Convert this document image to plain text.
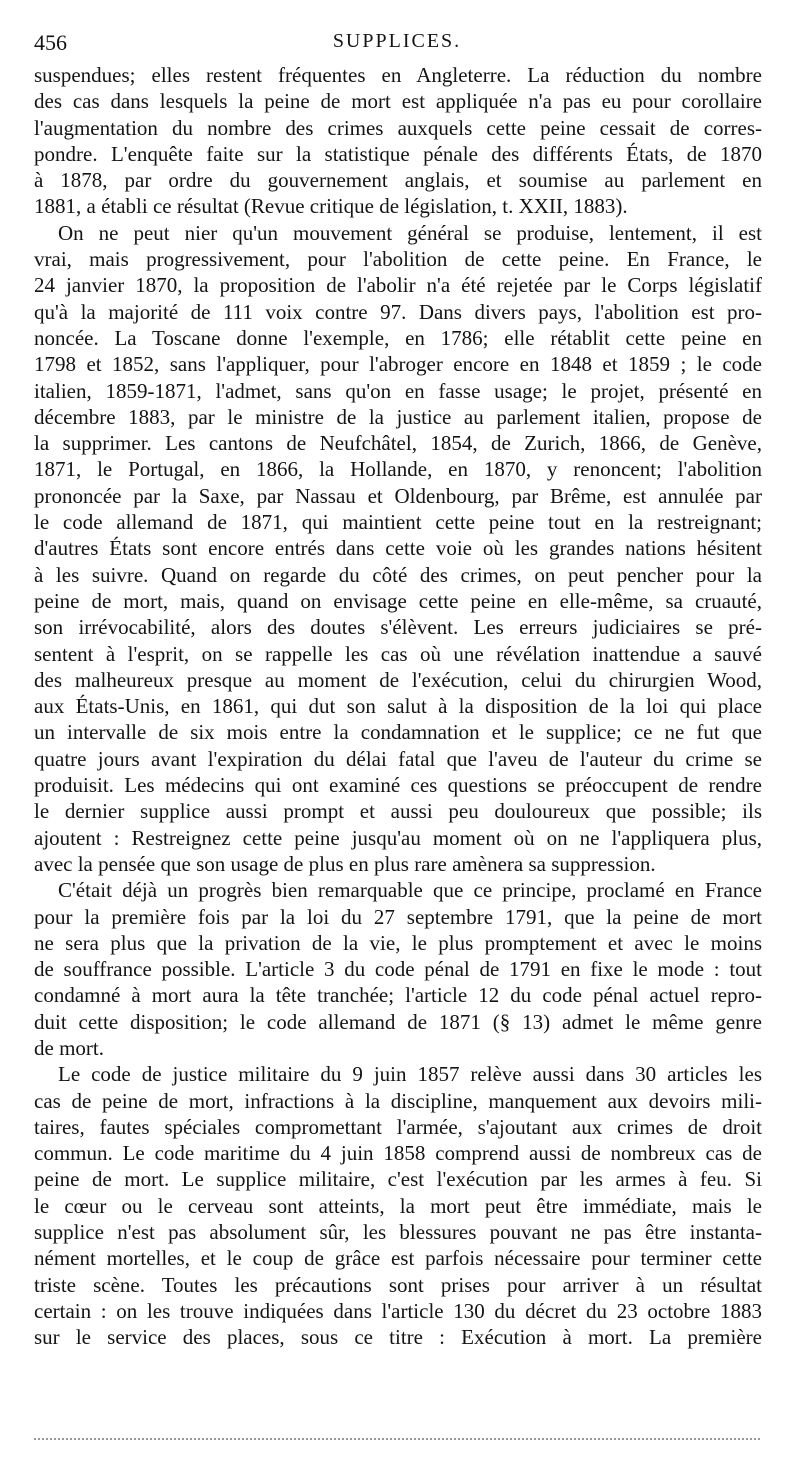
456	SUPPLICES.
suspendues; elles restent fréquentes en Angleterre. La réduction du nombre
des cas dans lesquels la peine de mort est appliquée n'a pas eu pour corollaire
l'augmentation du nombre des crimes auxquels cette peine cessait de corres-
pondre. L'enquête faite sur la statistique pénale des différents États, de 1870
à 1878, par ordre du gouvernement anglais, et soumise au parlement en
1881, a établi ce résultat (Revue critique de législation, t. XXII, 1883).
On ne peut nier qu'un mouvement général se produise, lentement, il est
vrai, mais progressivement, pour l'abolition de cette peine. En France, le
24 janvier 1870, la proposition de l'abolir n'a été rejetée par le Corps législatif
qu'à la majorité de 111 voix contre 97. Dans divers pays, l'abolition est pro-
noncée. La Toscane donne l'exemple, en 1786; elle rétablit cette peine en
1798 et 1852, sans l'appliquer, pour l'abroger encore en 1848 et 1859 ; le code
italien, 1859-1871, l'admet, sans qu'on en fasse usage; le projet, présenté en
décembre 1883, par le ministre de la justice au parlement italien, propose de
la supprimer. Les cantons de Neufchâtel, 1854, de Zurich, 1866, de Genève,
1871, le Portugal, en 1866, la Hollande, en 1870, y renoncent; l'abolition
prononcée par la Saxe, par Nassau et Oldenbourg, par Brême, est annulée par
le code allemand de 1871, qui maintient cette peine tout en la restreignant;
d'autres États sont encore entrés dans cette voie où les grandes nations hésitent
à les suivre. Quand on regarde du côté des crimes, on peut pencher pour la
peine de mort, mais, quand on envisage cette peine en elle-même, sa cruauté,
son irrévocabilité, alors des doutes s'élèvent. Les erreurs judiciaires se pré-
sentent à l'esprit, on se rappelle les cas où une révélation inattendue a sauvé
des malheureux presque au moment de l'exécution, celui du chirurgien Wood,
aux États-Unis, en 1861, qui dut son salut à la disposition de la loi qui place
un intervalle de six mois entre la condamnation et le supplice; ce ne fut que
quatre jours avant l'expiration du délai fatal que l'aveu de l'auteur du crime se
produisit. Les médecins qui ont examiné ces questions se préoccupent de rendre
le dernier supplice aussi prompt et aussi peu douloureux que possible; ils
ajoutent : Restreignez cette peine jusqu'au moment où on ne l'appliquera plus,
avec la pensée que son usage de plus en plus rare amènera sa suppression.
C'était déjà un progrès bien remarquable que ce principe, proclamé en France
pour la première fois par la loi du 27 septembre 1791, que la peine de mort
ne sera plus que la privation de la vie, le plus promptement et avec le moins
de souffrance possible. L'article 3 du code pénal de 1791 en fixe le mode : tout
condamné à mort aura la tête tranchée; l'article 12 du code pénal actuel repro-
duit cette disposition; le code allemand de 1871 (§ 13) admet le même genre
de mort.
Le code de justice militaire du 9 juin 1857 relève aussi dans 30 articles les
cas de peine de mort, infractions à la discipline, manquement aux devoirs mili-
taires, fautes spéciales compromettant l'armée, s'ajoutant aux crimes de droit
commun. Le code maritime du 4 juin 1858 comprend aussi de nombreux cas de
peine de mort. Le supplice militaire, c'est l'exécution par les armes à feu. Si
le cœur ou le cerveau sont atteints, la mort peut être immédiate, mais le
supplice n'est pas absolument sûr, les blessures pouvant ne pas être instanta-
nément mortelles, et le coup de grâce est parfois nécessaire pour terminer cette
triste scène. Toutes les précautions sont prises pour arriver à un résultat
certain : on les trouve indiquées dans l'article 130 du décret du 23 octobre 1883
sur le service des places, sous ce titre : Exécution à mort. La première
